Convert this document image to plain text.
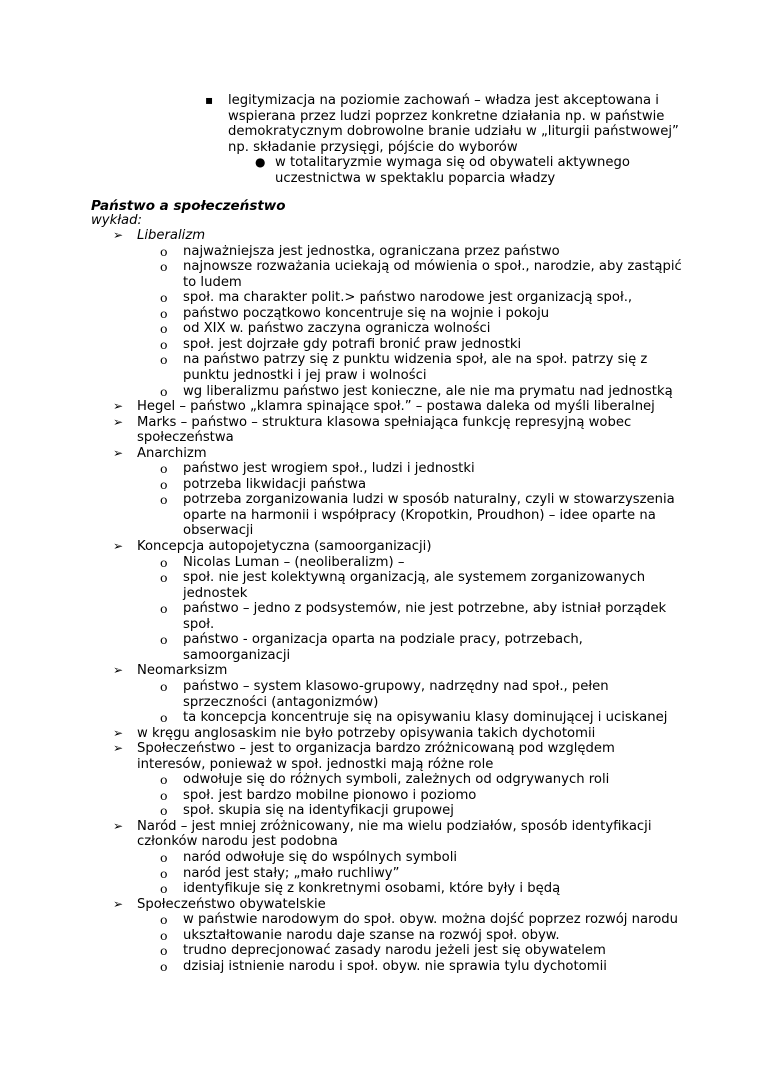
▪ legitymizacja na poziomie zachowań – władza jest akceptowana i
wspierana przez ludzi poprzez konkretne działania np. w państwie
demokratycznym dobrowolne branie udziału w „liturgii państwowej”
np. składanie przysięgi, pójście do wyborów
● w totalitaryzmie wymaga się od obywateli aktywnego
uczestnictwa w spektaklu poparcia władzy
Państwo a społeczeństwo
wykład:
➢ Liberalizm
o najważniejsza jest jednostka, ograniczana przez państwo
o najnowsze rozważania uciekają od mówienia o społ., narodzie, aby zastąpić
to ludem
o społ. ma charakter polit.> państwo narodowe jest organizacją społ.,
o państwo początkowo koncentruje się na wojnie i pokoju
o od XIX w. państwo zaczyna ogranicza wolności
o społ. jest dojrzałe gdy potrafi bronić praw jednostki
o na państwo patrzy się z punktu widzenia społ, ale na społ. patrzy się z
punktu jednostki i jej praw i wolności
o wg liberalizmu państwo jest konieczne, ale nie ma prymatu nad jednostką
➢ Hegel – państwo „klamra spinające społ.” – postawa daleka od myśli liberalnej
➢ Marks – państwo – struktura klasowa spełniająca funkcję represyjną wobec
społeczeństwa
➢ Anarchizm
o państwo jest wrogiem społ., ludzi i jednostki
o potrzeba likwidacji państwa
o potrzeba zorganizowania ludzi w sposób naturalny, czyli w stowarzyszenia
oparte na harmonii i współpracy (Kropotkin, Proudhon) – idee oparte na
obserwacji
➢ Koncepcja autopojetyczna (samoorganizacji)
o Nicolas Luman – (neoliberalizm) –
o społ. nie jest kolektywną organizacją, ale systemem zorganizowanych
jednostek
o państwo – jedno z podsystemów, nie jest potrzebne, aby istniał porządek
społ.
o państwo - organizacja oparta na podziale pracy, potrzebach,
samoorganizacji
➢ Neomarksizm
o państwo – system klasowo-grupowy, nadrzędny nad społ., pełen
sprzeczności (antagonizmów)
o ta koncepcja koncentruje się na opisywaniu klasy dominującej i uciskanej
➢ w kręgu anglosaskim nie było potrzeby opisywania takich dychotomii
➢ Społeczeństwo – jest to organizacja bardzo zróżnicowaną pod względem
interesów, ponieważ w społ. jednostki mają różne role
o odwołuje się do różnych symboli, zależnych od odgrywanych roli
o społ. jest bardzo mobilne pionowo i poziomo
o społ. skupia się na identyfikacji grupowej
➢ Naród – jest mniej zróżnicowany, nie ma wielu podziałów, sposób identyfikacji
członków narodu jest podobna
o naród odwołuje się do wspólnych symboli
o naród jest stały; „mało ruchliwy”
o identyfikuje się z konkretnymi osobami, które były i będą
➢ Społeczeństwo obywatelskie
o w państwie narodowym do społ. obyw. można dojść poprzez rozwój narodu
o ukształtowanie narodu daje szanse na rozwój społ. obyw.
o trudno deprecjonować zasady narodu jeżeli jest się obywatelem
o dzisiaj istnienie narodu i społ. obyw. nie sprawia tylu dychotomii
